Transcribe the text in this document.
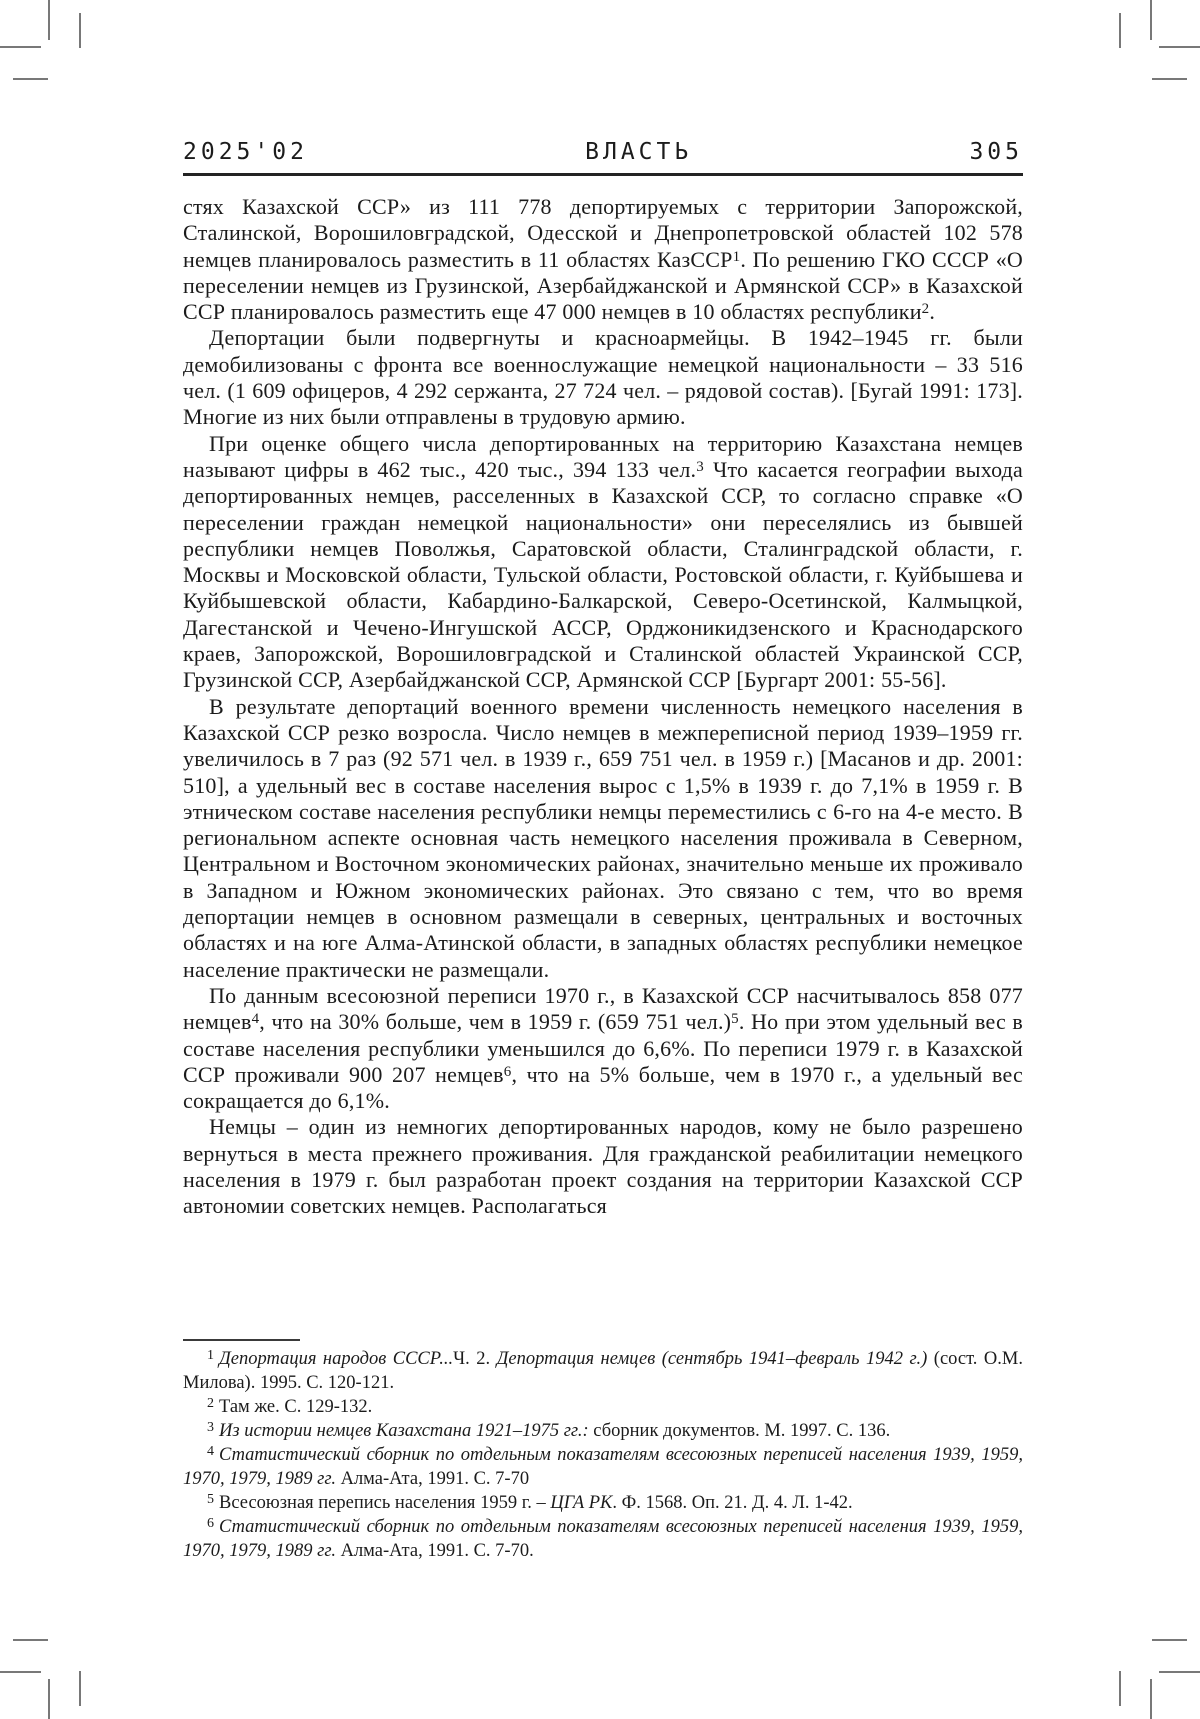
2025'02	ВЛАСТЬ	305

стях Казахской ССР» из 111 778 депортируемых с территории Запорожской, Сталинской, Ворошиловградской, Одесской и Днепропетровской областей 102 578 немцев планировалось разместить в 11 областях КазССР$^1$. По решению ГКО СССР «О переселении немцев из Грузинской, Азербайджанской и Армянской ССР» в Казахской ССР планировалось разместить еще 47 000 немцев в 10 областях республики$^2$.

Депортации были подвергнуты и красноармейцы. В 1942–1945 гг. были демобилизованы с фронта все военнослужащие немецкой национальности – 33 516 чел. (1 609 офицеров, 4 292 сержанта, 27 724 чел. – рядовой состав). [Бугай 1991: 173]. Многие из них были отправлены в трудовую армию.

При оценке общего числа депортированных на территорию Казахстана немцев называют цифры в 462 тыс., 420 тыс., 394 133 чел.$^3$ Что касается географии выхода депортированных немцев, расселенных в Казахской ССР, то согласно справке «О переселении граждан немецкой национальности» они переселялись из бывшей республики немцев Поволжья, Саратовской области, Сталинградской области, г. Москвы и Московской области, Тульской области, Ростовской области, г. Куйбышева и Куйбышевской области, Кабардино-Балкарской, Северо-Осетинской, Калмыцкой, Дагестанской и Чечено-Ингушской АССР, Орджоникидзенского и Краснодарского краев, Запорожской, Ворошиловградской и Сталинской областей Украинской ССР, Грузинской ССР, Азербайджанской ССР, Армянской ССР [Бургарт 2001: 55-56].

В результате депортаций военного времени численность немецкого населения в Казахской ССР резко возросла. Число немцев в межпереписной период 1939–1959 гг. увеличилось в 7 раз (92 571 чел. в 1939 г., 659 751 чел. в 1959 г.) [Масанов и др. 2001: 510], а удельный вес в составе населения вырос с 1,5% в 1939 г. до 7,1% в 1959 г. В этническом составе населения республики немцы переместились с 6-го на 4-е место. В региональном аспекте основная часть немецкого населения проживала в Северном, Центральном и Восточном экономических районах, значительно меньше их проживало в Западном и Южном экономических районах. Это связано с тем, что во время депортации немцев в основном размещали в северных, центральных и восточных областях и на юге Алма-Атинской области, в западных областях республики немецкое население практически не размещали.

По данным всесоюзной переписи 1970 г., в Казахской ССР насчитывалось 858 077 немцев$^4$, что на 30% больше, чем в 1959 г. (659 751 чел.)$^5$. Но при этом удельный вес в составе населения республики уменьшился до 6,6%. По переписи 1979 г. в Казахской ССР проживали 900 207 немцев$^6$, что на 5% больше, чем в 1970 г., а удельный вес сокращается до 6,1%.

Немцы – один из немногих депортированных народов, кому не было разрешено вернуться в места прежнего проживания. Для гражданской реабилитации немецкого населения в 1979 г. был разработан проект создания на территории Казахской ССР автономии советских немцев. Располагаться

$^1$ Депортация народов СССР...Ч. 2. Депортация немцев (сентябрь 1941–февраль 1942 г.) (сост. О.М. Милова). 1995. С. 120-121.

$^2$ Там же. С. 129-132.

$^3$ Из истории немцев Казахстана 1921–1975 гг.: сборник документов. М. 1997. С. 136.

$^4$ Статистический сборник по отдельным показателям всесоюзных переписей населения 1939, 1959, 1970, 1979, 1989 гг. Алма-Ата, 1991. С. 7-70

$^5$ Всесоюзная перепись населения 1959 г. – ЦГА РК. Ф. 1568. Оп. 21. Д. 4. Л. 1-42.

$^6$ Статистический сборник по отдельным показателям всесоюзных переписей населения 1939, 1959, 1970, 1979, 1989 гг. Алма-Ата, 1991. С. 7-70.
